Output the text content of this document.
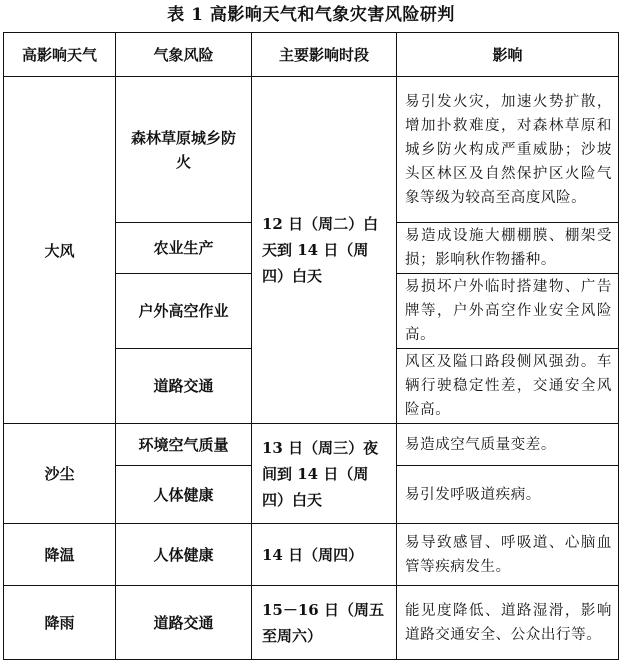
表 1 高影响天气和气象灾害风险研判
高影响天气	气象风险	主要影响时段	影响
大风	森林草原城乡防火	12 日（周二）白天到 14 日（周四）白天	易引发火灾，加速火势扩散，增加扑救难度，对森林草原和城乡防火构成严重威胁；沙坡头区林区及自然保护区火险气象等级为较高至高度风险。
	农业生产		易造成设施大棚棚膜、棚架受损；影响秋作物播种。
	户外高空作业		易损坏户外临时搭建物、广告牌等，户外高空作业安全风险高。
	道路交通		风区及隘口路段侧风强劲。车辆行驶稳定性差，交通安全风险高。
沙尘	环境空气质量	13 日（周三）夜间到 14 日（周四）白天	易造成空气质量变差。
	人体健康		易引发呼吸道疾病。
降温	人体健康	14 日（周四）	易导致感冒、呼吸道、心脑血管等疾病发生。
降雨	道路交通	15－16 日（周五至周六）	能见度降低、道路湿滑，影响道路交通安全、公众出行等。
